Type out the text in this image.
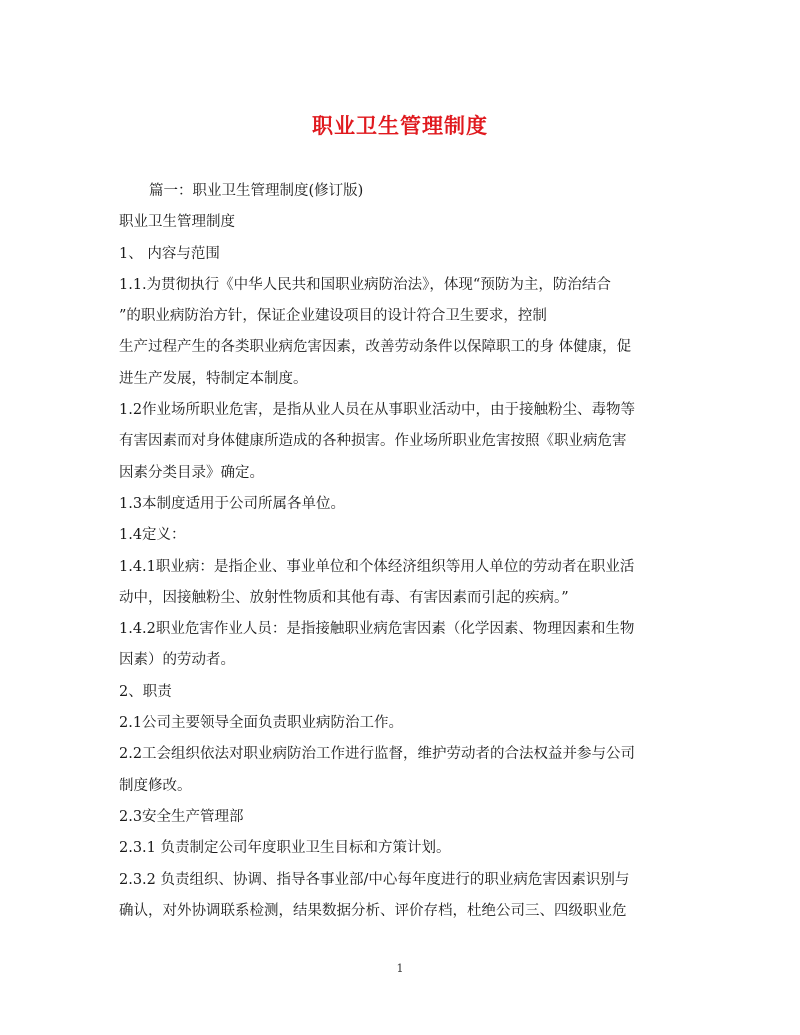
职业卫生管理制度

篇一：职业卫生管理制度(修订版)

职业卫生管理制度

1、 内容与范围

1.1.为贯彻执行《中华人民共和国职业病防治法》，体现“预防为主，防治结合

”的职业病防治方针，保证企业建设项目的设计符合卫生要求，控制

生产过程产生的各类职业病危害因素，改善劳动条件以保障职工的身 体健康，促

进生产发展，特制定本制度。

1.2作业场所职业危害，是指从业人员在从事职业活动中，由于接触粉尘、毒物等

有害因素而对身体健康所造成的各种损害。作业场所职业危害按照《职业病危害

因素分类目录》确定。

1.3本制度适用于公司所属各单位。

1.4定义：

1.4.1职业病：是指企业、事业单位和个体经济组织等用人单位的劳动者在职业活

动中，因接触粉尘、放射性物质和其他有毒、有害因素而引起的疾病。”

1.4.2职业危害作业人员：是指接触职业病危害因素（化学因素、物理因素和生物

因素）的劳动者。

2、职责

2.1公司主要领导全面负责职业病防治工作。

2.2工会组织依法对职业病防治工作进行监督，维护劳动者的合法权益并参与公司

制度修改。

2.3安全生产管理部

2.3.1 负责制定公司年度职业卫生目标和方策计划。

2.3.2 负责组织、协调、指导各事业部/中心每年度进行的职业病危害因素识别与

确认，对外协调联系检测，结果数据分析、评价存档，杜绝公司三、四级职业危

1
